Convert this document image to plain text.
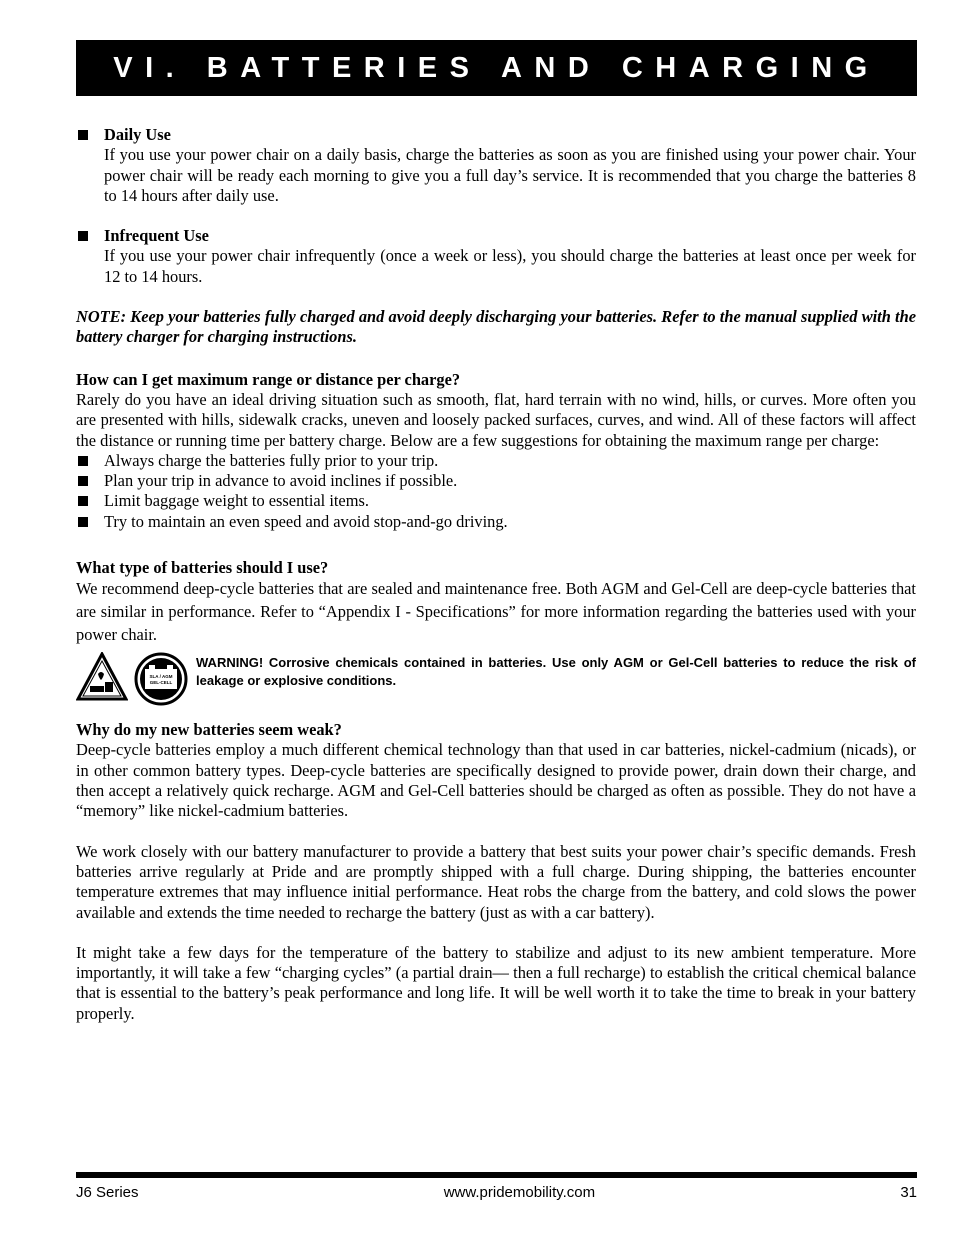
VI. BATTERIES AND CHARGING
Daily Use

If you use your power chair on a daily basis, charge the batteries as soon as you are finished using your power chair. Your power chair will be ready each morning to give you a full day’s service. It is recommended that you charge the batteries 8 to 14 hours after daily use.

Infrequent Use

If you use your power chair infrequently (once a week or less), you should charge the batteries at least once per week for 12 to 14 hours.

NOTE: Keep your batteries fully charged and avoid deeply discharging your batteries. Refer to the manual supplied with the battery charger for charging instructions.

How can I get maximum range or distance per charge?

Rarely do you have an ideal driving situation such as smooth, flat, hard terrain with no wind, hills, or curves. More often you are presented with hills, sidewalk cracks, uneven and loosely packed surfaces, curves, and wind. All of these factors will affect the distance or running time per battery charge. Below are a few suggestions for obtaining the maximum range per charge:

Always charge the batteries fully prior to your trip.
Plan your trip in advance to avoid inclines if possible.
Limit baggage weight to essential items.
Try to maintain an even speed and avoid stop-and-go driving.
What type of batteries should I use?

We recommend deep-cycle batteries that are sealed and maintenance free. Both AGM and Gel-Cell are deep-cycle batteries that are similar in performance. Refer to “Appendix I - Specifications” for more information regarding the batteries used with your power chair.

SLA / AGM
GEL-CELL
WARNING! Corrosive chemicals contained in batteries. Use only AGM or Gel-Cell batteries to reduce the risk of leakage or explosive conditions.
Why do my new batteries seem weak?

Deep-cycle batteries employ a much different chemical technology than that used in car batteries, nickel-cadmium (nicads), or in other common battery types. Deep-cycle batteries are specifically designed to provide power, drain down their charge, and then accept a relatively quick recharge. AGM and Gel-Cell batteries should be charged as often as possible. They do not have a “memory” like nickel-cadmium batteries.

We work closely with our battery manufacturer to provide a battery that best suits your power chair’s specific demands. Fresh batteries arrive regularly at Pride and are promptly shipped with a full charge. During shipping, the batteries encounter temperature extremes that may influence initial performance. Heat robs the charge from the battery, and cold slows the power available and extends the time needed to recharge the battery (just as with a car battery).

It might take a few days for the temperature of the battery to stabilize and adjust to its new ambient temperature. More importantly, it will take a few “charging cycles” (a partial drain— then a full recharge) to establish the critical chemical balance that is essential to the battery’s peak performance and long life. It will be well worth it to take the time to break in your battery properly.

J6 Series	www.pridemobility.com	31
